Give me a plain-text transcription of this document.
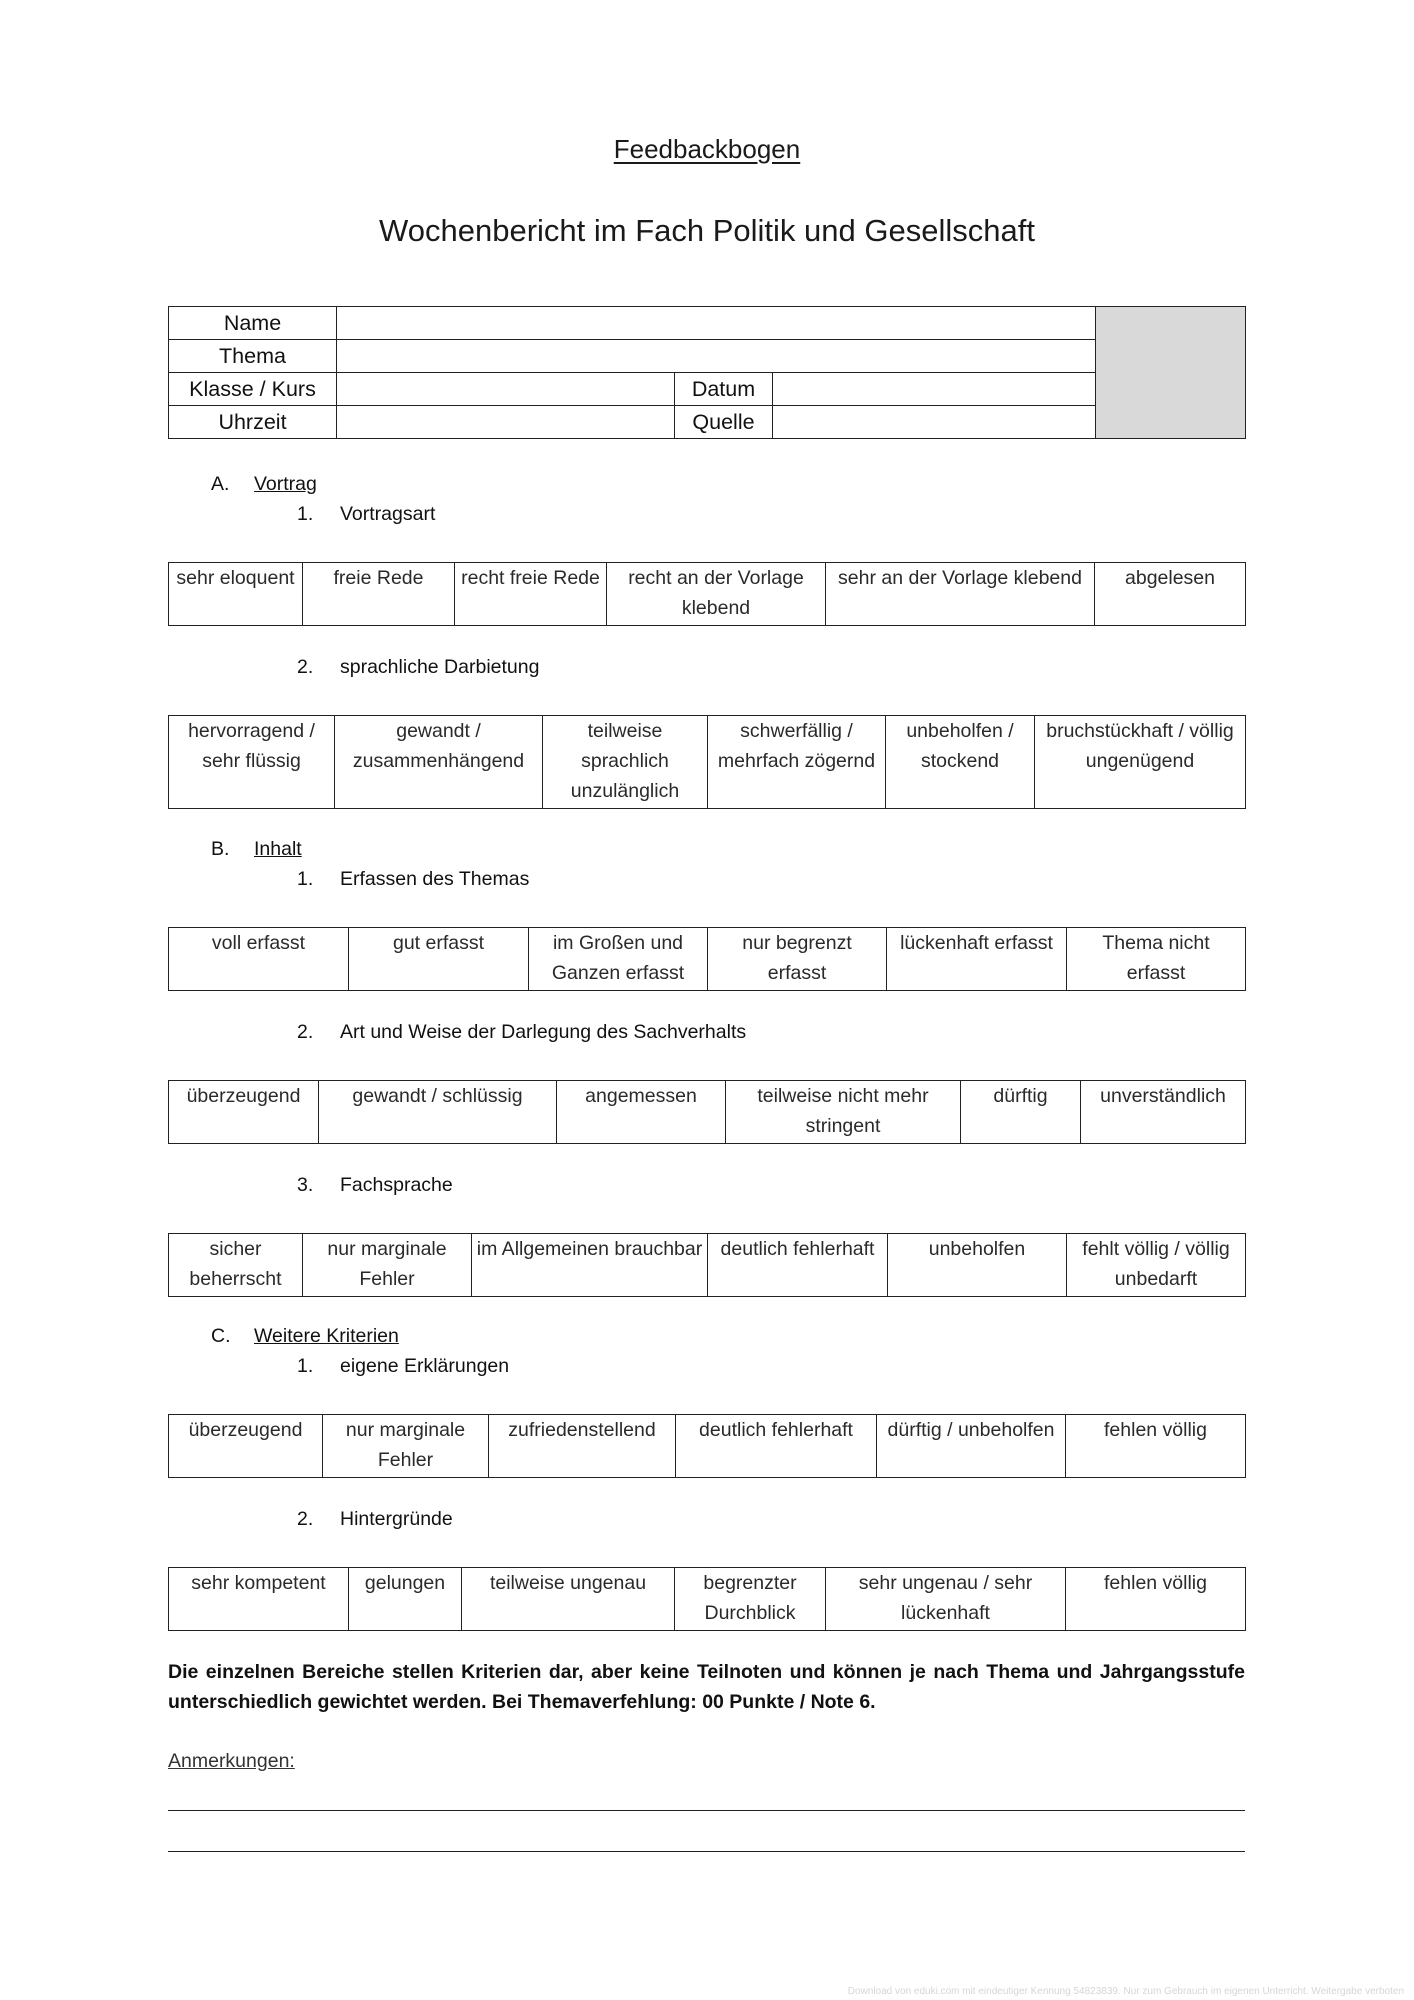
Feedbackbogen
Wochenbericht im Fach Politik und Gesellschaft
Name				
Thema				
Klasse / Kurs		Datum		
Uhrzeit		Quelle		
A. Vortrag
1. Vortragsart
sehr eloquent	freie Rede	recht freie Rede	recht an der Vorlage klebend	sehr an der Vorlage klebend	abgelesen
2. sprachliche Darbietung
hervorragend / sehr flüssig	gewandt / zusammenhängend	teilweise sprachlich unzulänglich	schwerfällig / mehrfach zögernd	unbeholfen / stockend	bruchstückhaft / völlig ungenügend
B. Inhalt
1. Erfassen des Themas
voll erfasst	gut erfasst	im Großen und Ganzen erfasst	nur begrenzt erfasst	lückenhaft erfasst	Thema nicht erfasst
2. Art und Weise der Darlegung des Sachverhalts
überzeugend	gewandt / schlüssig	angemessen	teilweise nicht mehr stringent	dürftig	unverständlich
3. Fachsprache
sicher beherrscht	nur marginale Fehler	im Allgemeinen brauchbar	deutlich fehlerhaft	unbeholfen	fehlt völlig / völlig unbedarft
C. Weitere Kriterien
1. eigene Erklärungen
überzeugend	nur marginale Fehler	zufriedenstellend	deutlich fehlerhaft	dürftig / unbeholfen	fehlen völlig
2. Hintergründe
sehr kompetent	gelungen	teilweise ungenau	begrenzter Durchblick	sehr ungenau / sehr lückenhaft	fehlen völlig
Die einzelnen Bereiche stellen Kriterien dar, aber keine Teilnoten und können je nach Thema und Jahrgangsstufe unterschiedlich gewichtet werden. Bei Themaverfehlung: 00 Punkte / Note 6.
Anmerkungen:
Download von eduki.com mit eindeutiger Kennung 54823839. Nur zum Gebrauch im eigenen Unterricht. Weitergabe verboten
